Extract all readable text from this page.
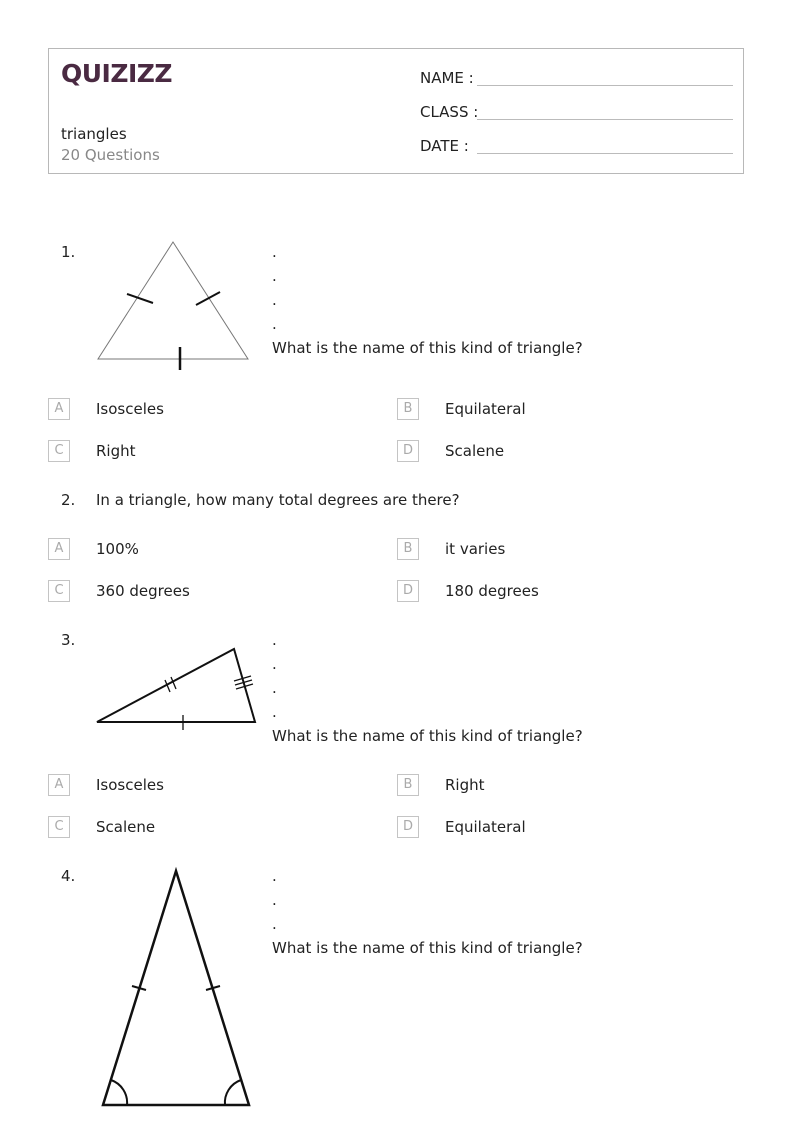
QUIZIZZ
triangles
20 Questions
NAME :
CLASS :
DATE :
1.	.
.
.
.
What is the name of this kind of triangle?
A	Isosceles	B	Equilateral
C	Right	D	Scalene
2. In a triangle, how many total degrees are there?
A	100%	B	it varies
C	360 degrees	D	180 degrees
3.	.
.
.
.
What is the name of this kind of triangle?
A	Isosceles	B	Right
C	Scalene	D	Equilateral
4.	.
.
.
What is the name of this kind of triangle?
